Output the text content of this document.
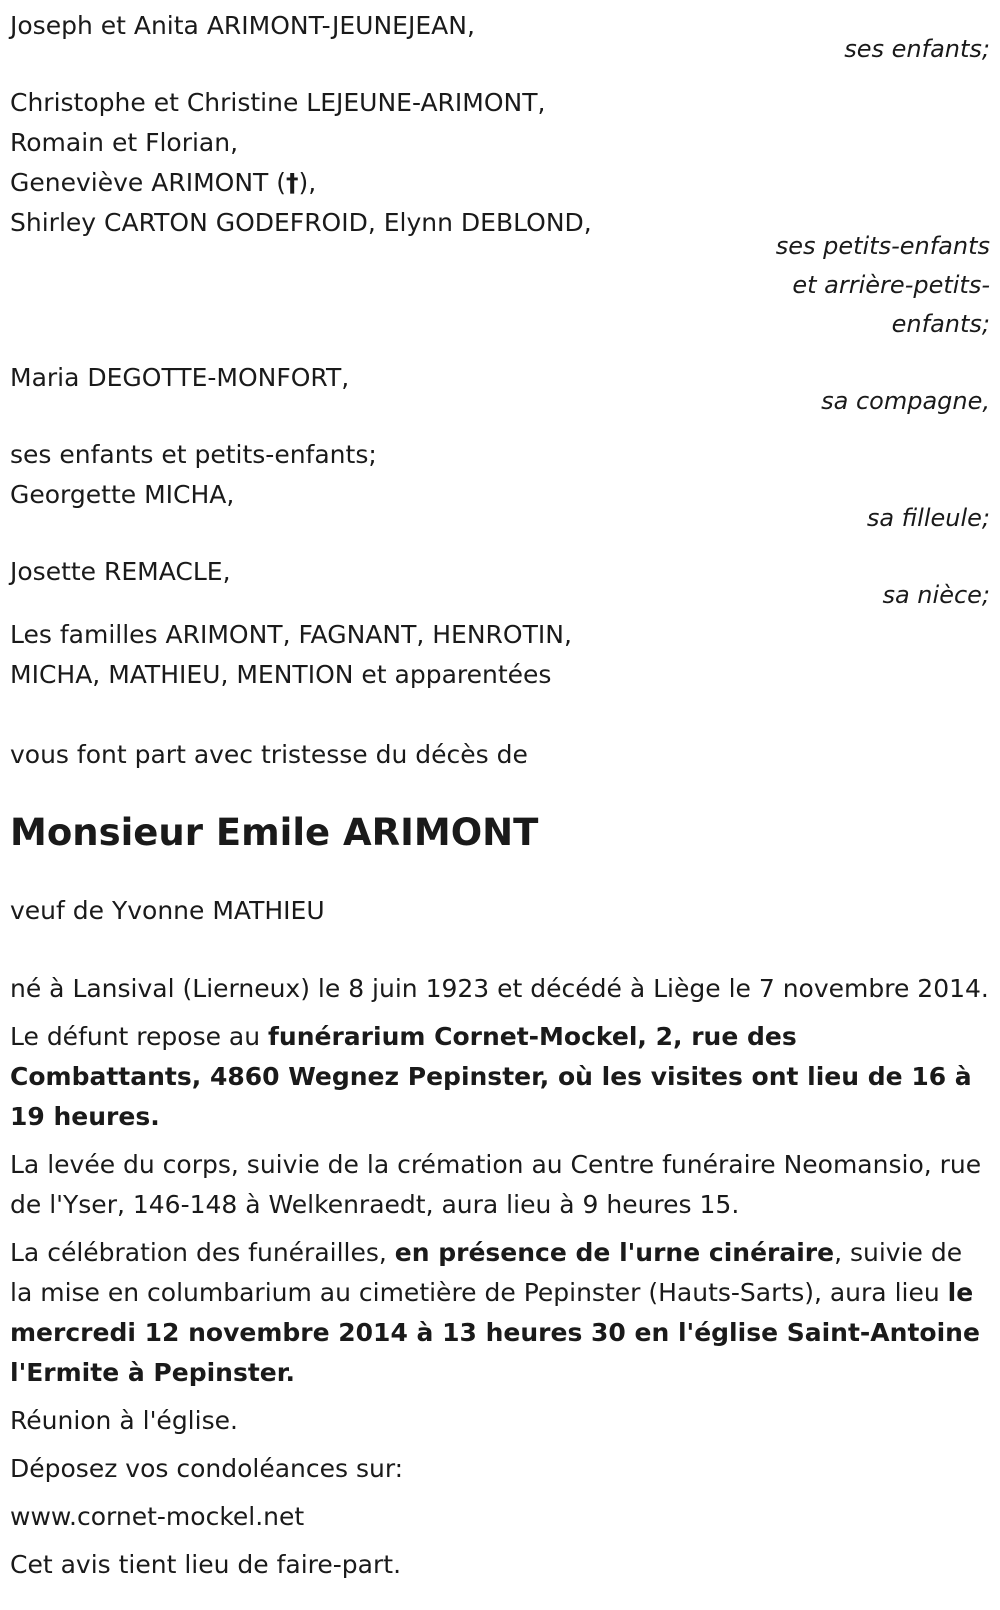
Joseph et Anita ARIMONT-JEUNEJEAN,
ses enfants;
Christophe et Christine LEJEUNE-ARIMONT,
Romain et Florian,
Geneviève ARIMONT (†),
Shirley CARTON GODEFROID, Elynn DEBLOND,
ses petits-enfants
et arrière-petits-
enfants;
Maria DEGOTTE-MONFORT,
sa compagne,
ses enfants et petits-enfants;
Georgette MICHA,
sa filleule;
Josette REMACLE,
sa nièce;
Les familles ARIMONT, FAGNANT, HENROTIN,
MICHA, MATHIEU, MENTION et apparentées
vous font part avec tristesse du décès de
Monsieur Emile ARIMONT
veuf de Yvonne MATHIEU
né à Lansival (Lierneux) le 8 juin 1923 et décédé à Liège le 7 novembre 2014.
Le défunt repose au funérarium Cornet-Mockel, 2, rue des Combattants, 4860 Wegnez Pepinster, où les visites ont lieu de 16 à 19 heures.
La levée du corps, suivie de la crémation au Centre funéraire Neomansio, rue de l'Yser, 146-148 à Welkenraedt, aura lieu à 9 heures 15.
La célébration des funérailles, en présence de l'urne cinéraire, suivie de la mise en columbarium au cimetière de Pepinster (Hauts-Sarts), aura lieu le mercredi 12 novembre 2014 à 13 heures 30 en l'église Saint-Antoine l'Ermite à Pepinster.
Réunion à l'église.
Déposez vos condoléances sur:
www.cornet-mockel.net
Cet avis tient lieu de faire-part.
